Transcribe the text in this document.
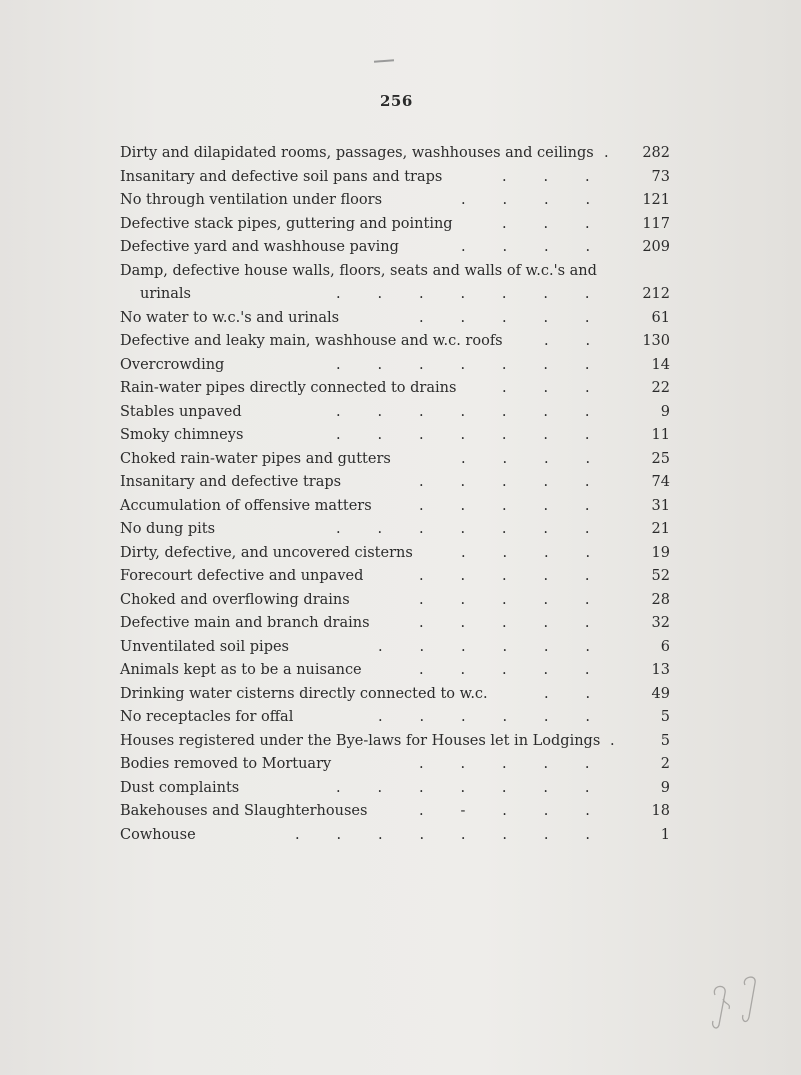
256
Dirty and dilapidated rooms, passages, washhouses and ceilings .	282
Insanitary and defective soil pans and traps	.        .        .	73
No through ventilation under floors	.        .        .        .	121
Defective stack pipes, guttering and pointing	.        .        .	117
Defective yard and washhouse paving	.        .        .        .	209
Damp, defective house walls, floors, seats and walls of w.c.'s and
urinals	.        .        .        .        .        .        .	212
No water to w.c.'s and urinals	.        .        .        .        .	61
Defective and leaky main, washhouse and w.c. roofs	.        .	130
Overcrowding	.        .        .        .        .        .        .	14
Rain-water pipes directly connected to drains	.        .        .	22
Stables unpaved	.        .        .        .        .        .        .	9
Smoky chimneys	.        .        .        .        .        .        .	11
Choked rain-water pipes and gutters	.        .        .        .	25
Insanitary and defective traps	.        .        .        .        .	74
Accumulation of offensive matters	.        .        .        .        .	31
No dung pits	.        .        .        .        .        .        .	21
Dirty, defective, and uncovered cisterns	.        .        .        .	19
Forecourt defective and unpaved	.        .        .        .        .	52
Choked and overflowing drains	.        .        .        .        .	28
Defective main and branch drains	.        .        .        .        .	32
Unventilated soil pipes	.        .        .        .        .        .	6
Animals kept as to be a nuisance	.        .        .        .        .	13
Drinking water cisterns directly connected to w.c.	.        .	49
No receptacles for offal	.        .        .        .        .        .	5
Houses registered under the Bye-laws for Houses let in Lodgings .	5
Bodies removed to Mortuary	.        .        .        .        .	2
Dust complaints	.        .        .        .        .        .        .	9
Bakehouses and Slaughterhouses	.        -        .        .        .	18
Cowhouse	.        .        .        .        .        .        .        .	1
